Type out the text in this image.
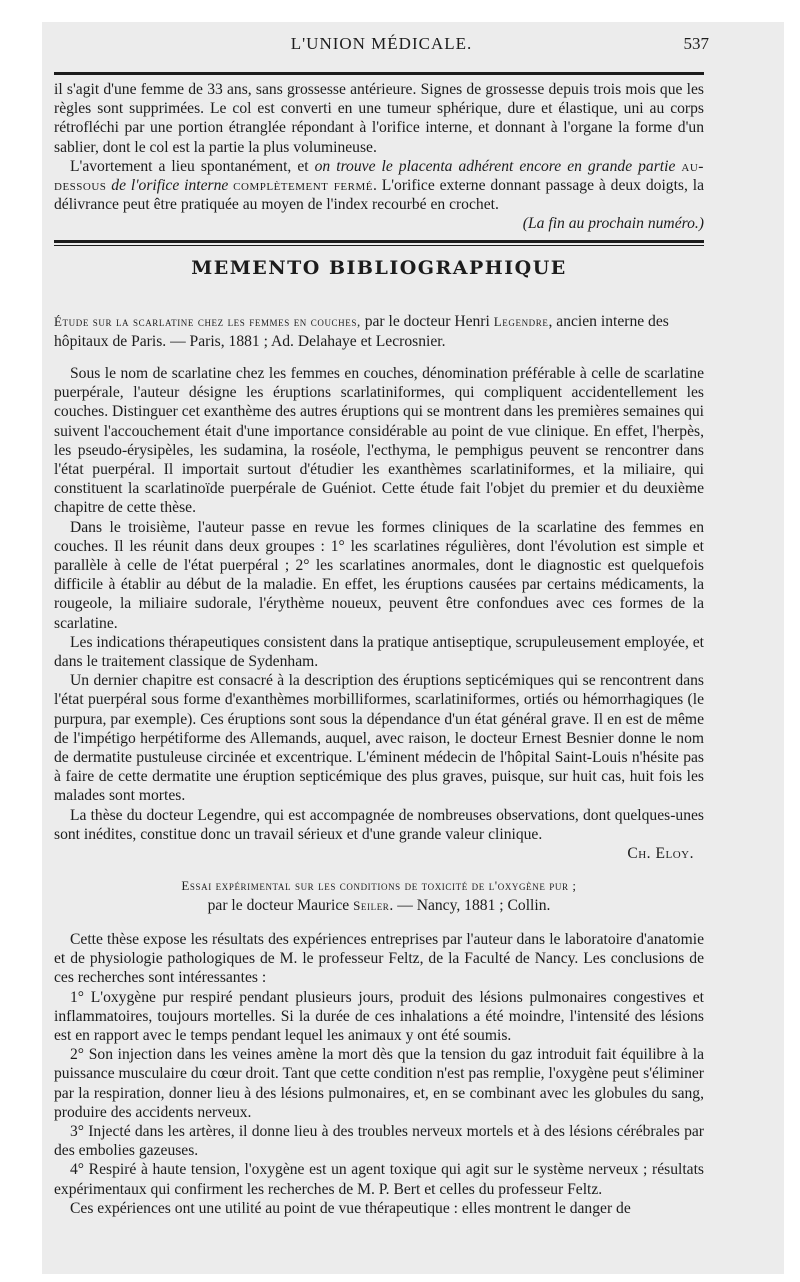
L'UNION MÉDICALE.	537

il s'agit d'une femme de 33 ans, sans grossesse antérieure. Signes de grossesse depuis trois mois que les règles sont supprimées. Le col est converti en une tumeur sphérique, dure et élastique, uni au corps rétrofléchi par une portion étranglée répondant à l'orifice interne, et donnant à l'organe la forme d'un sablier, dont le col est la partie la plus volumineuse.

L'avortement a lieu spontanément, et on trouve le placenta adhérent encore en grande partie au-dessous de l'orifice interne complètement fermé. L'orifice externe donnant passage à deux doigts, la délivrance peut être pratiquée au moyen de l'index recourbé en crochet.

(La fin au prochain numéro.)

MEMENTO BIBLIOGRAPHIQUE
Étude sur la scarlatine chez les femmes en couches, par le docteur Henri Legendre, ancien interne des hôpitaux de Paris. — Paris, 1881 ; Ad. Delahaye et Lecrosnier.

Sous le nom de scarlatine chez les femmes en couches, dénomination préférable à celle de scarlatine puerpérale, l'auteur désigne les éruptions scarlatiniformes, qui compliquent accidentellement les couches. Distinguer cet exanthème des autres éruptions qui se montrent dans les premières semaines qui suivent l'accouchement était d'une importance considérable au point de vue clinique. En effet, l'herpès, les pseudo-érysipèles, les sudamina, la roséole, l'ecthyma, le pemphigus peuvent se rencontrer dans l'état puerpéral. Il importait surtout d'étudier les exanthèmes scarlatiniformes, et la miliaire, qui constituent la scarlatinoïde puerpérale de Guéniot. Cette étude fait l'objet du premier et du deuxième chapitre de cette thèse.

Dans le troisième, l'auteur passe en revue les formes cliniques de la scarlatine des femmes en couches. Il les réunit dans deux groupes : 1° les scarlatines régulières, dont l'évolution est simple et parallèle à celle de l'état puerpéral ; 2° les scarlatines anormales, dont le diagnostic est quelquefois difficile à établir au début de la maladie. En effet, les éruptions causées par certains médicaments, la rougeole, la miliaire sudorale, l'érythème noueux, peuvent être confondues avec ces formes de la scarlatine.

Les indications thérapeutiques consistent dans la pratique antiseptique, scrupuleusement employée, et dans le traitement classique de Sydenham.

Un dernier chapitre est consacré à la description des éruptions septicémiques qui se rencontrent dans l'état puerpéral sous forme d'exanthèmes morbilliformes, scarlatiniformes, ortiés ou hémorrhagiques (le purpura, par exemple). Ces éruptions sont sous la dépendance d'un état général grave. Il en est de même de l'impétigo herpétiforme des Allemands, auquel, avec raison, le docteur Ernest Besnier donne le nom de dermatite pustuleuse circinée et excentrique. L'éminent médecin de l'hôpital Saint-Louis n'hésite pas à faire de cette dermatite une éruption septicémique des plus graves, puisque, sur huit cas, huit fois les malades sont mortes.

La thèse du docteur Legendre, qui est accompagnée de nombreuses observations, dont quelques-unes sont inédites, constitue donc un travail sérieux et d'une grande valeur clinique.

Ch. Eloy.

Essai expérimental sur les conditions de toxicité de l'oxygène pur ;
par le docteur Maurice Seiler. — Nancy, 1881 ; Collin.

Cette thèse expose les résultats des expériences entreprises par l'auteur dans le laboratoire d'anatomie et de physiologie pathologiques de M. le professeur Feltz, de la Faculté de Nancy. Les conclusions de ces recherches sont intéressantes :

1° L'oxygène pur respiré pendant plusieurs jours, produit des lésions pulmonaires congestives et inflammatoires, toujours mortelles. Si la durée de ces inhalations a été moindre, l'intensité des lésions est en rapport avec le temps pendant lequel les animaux y ont été soumis.

2° Son injection dans les veines amène la mort dès que la tension du gaz introduit fait équilibre à la puissance musculaire du cœur droit. Tant que cette condition n'est pas remplie, l'oxygène peut s'éliminer par la respiration, donner lieu à des lésions pulmonaires, et, en se combinant avec les globules du sang, produire des accidents nerveux.

3° Injecté dans les artères, il donne lieu à des troubles nerveux mortels et à des lésions cérébrales par des embolies gazeuses.

4° Respiré à haute tension, l'oxygène est un agent toxique qui agit sur le système nerveux ; résultats expérimentaux qui confirment les recherches de M. P. Bert et celles du professeur Feltz.

Ces expériences ont une utilité au point de vue thérapeutique : elles montrent le danger de
